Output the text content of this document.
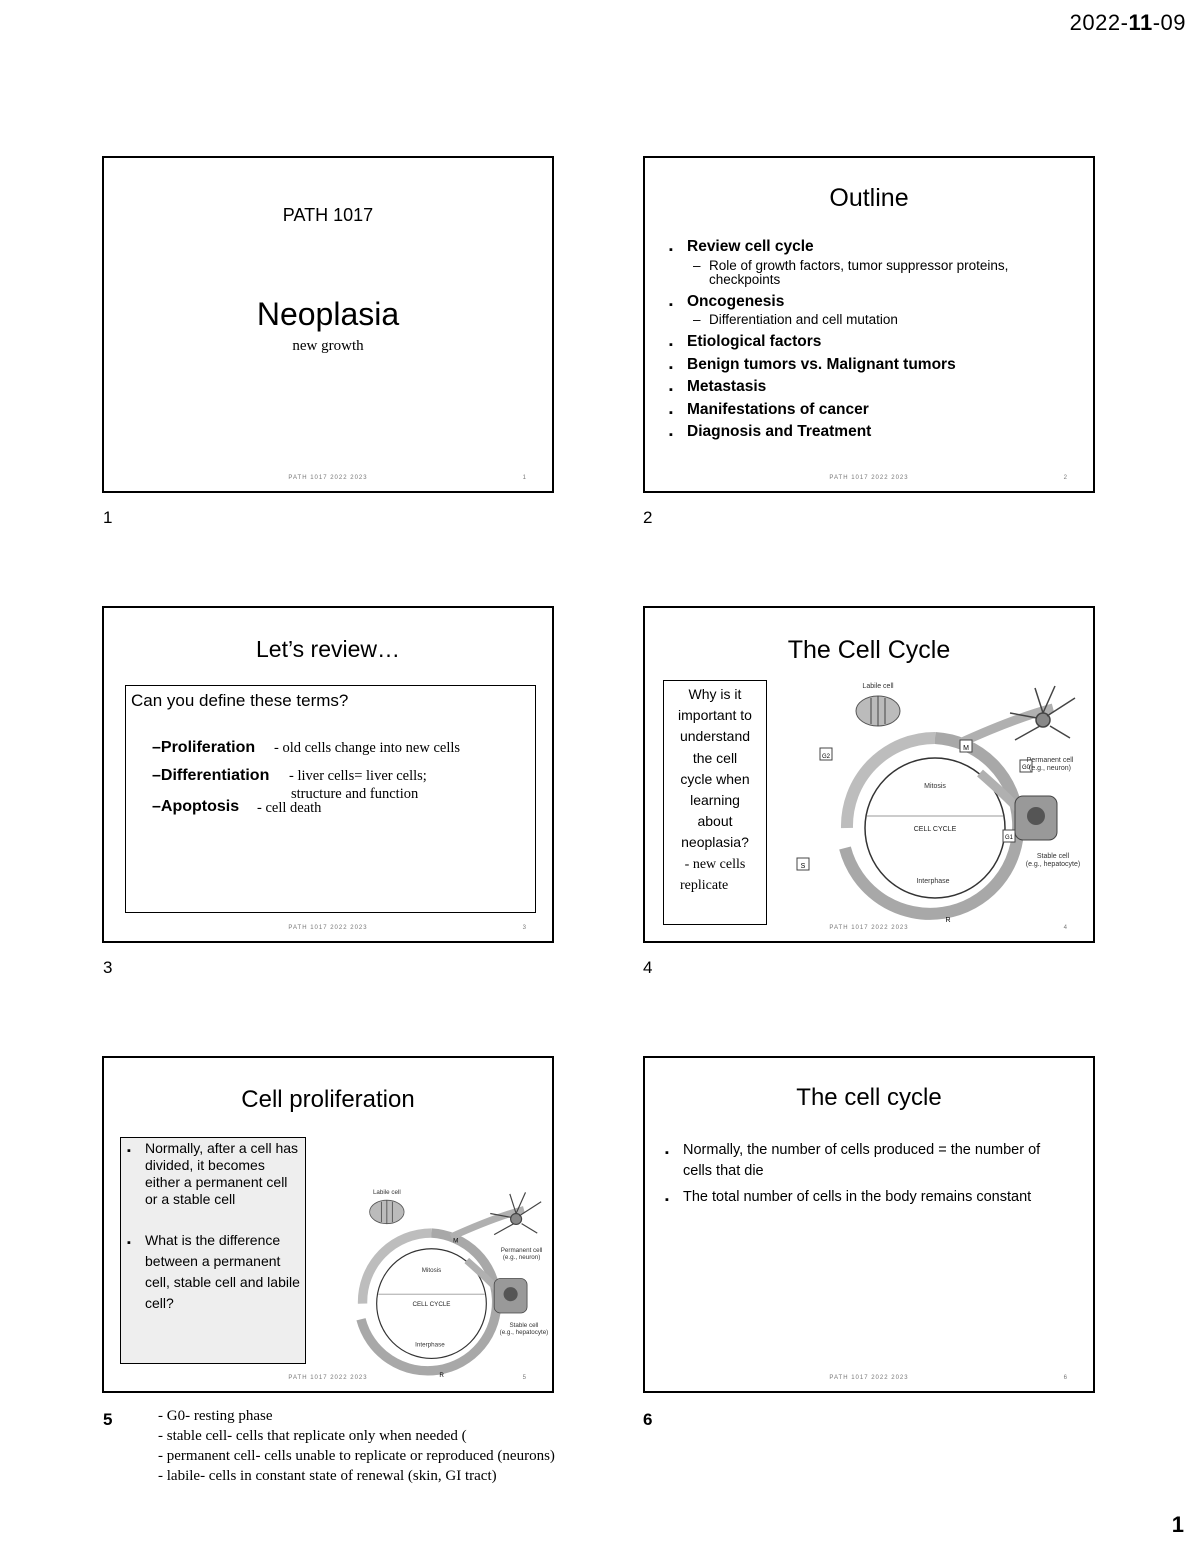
2022-11-09
PATH 1017
Neoplasia
new growth
PATH 1017 2022 2023	1
1
Outline
▪ Review cell cycle
– Role of growth factors, tumor suppressor proteins, checkpoints
▪ Oncogenesis
– Differentiation and cell mutation
▪ Etiological factors
▪ Benign tumors vs. Malignant tumors
▪ Metastasis
▪ Manifestations of cancer
▪ Diagnosis and Treatment
PATH 1017 2022 2023	2
2
Let’s review…
Can you define these terms?
–Proliferation - old cells change into new cells
–Differentiation - liver cells= liver cells;
structure and function
–Apoptosis - cell death
PATH 1017 2022 2023	3
3
The Cell Cycle
Why is it
important to
understand
the cell
cycle when
learning
about
neoplasia?
- new cells
replicate
Labile cell
Permanent cell
(e.g., neuron)
Stable cell
(e.g., hepatocyte)
CELL CYCLE
Mitosis
Interphase
M
G2
G1
G0
S
R
PATH 1017 2022 2023	4
4
Cell proliferation
▪ Normally, after a cell has divided, it becomes either a permanent cell or a stable cell
▪ What is the difference between a permanent cell, stable cell and labile cell?
Labile cell
Permanent cell
(e.g., neuron)
Stable cell
(e.g., hepatocyte)
CELL CYCLE
Mitosis
Interphase
M
R
PATH 1017 2022 2023	5
5
The cell cycle
▪ Normally, the number of cells produced = the number of cells that die
▪ The total number of cells in the body remains constant
PATH 1017 2022 2023	6
6
- G0- resting phase
- stable cell- cells that replicate only when needed (
- permanent cell- cells unable to replicate or reproduced (neurons)
- labile- cells in constant state of renewal (skin, GI tract)
1
